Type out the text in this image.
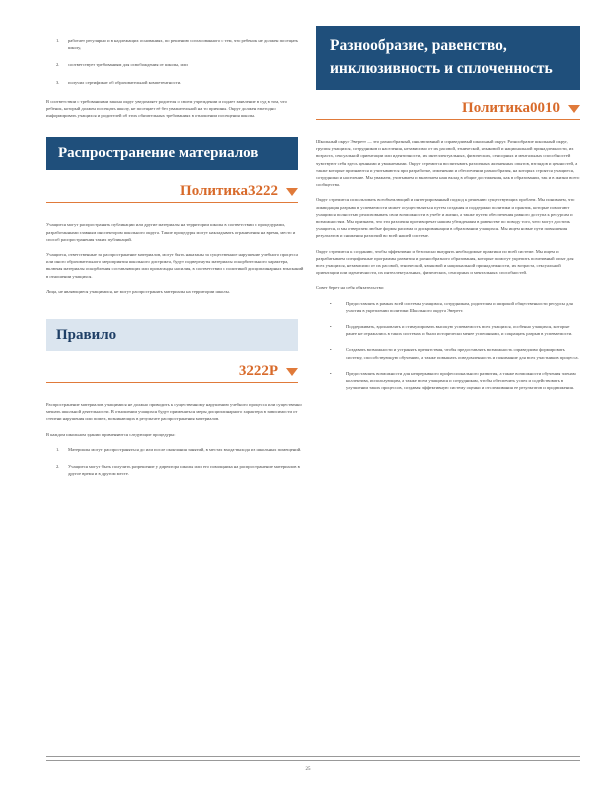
1. работает регулярно и в надлежащих основаниях, по решению согласованного с тем, что ребенок не должен посещать школу,
2. соответствует требованиям для освобождения от школы, или
3. получил сертификат об образовательной компетентности.

В соответствии с требованиями закона округ уведомляет родителя о своем учреждении и подает заявление в суд в том, что ребенок, который должен посещать школу, не посещает её без уважительной на то причины. Округ должен ежегодно информировать учащихся и родителей об этих обязательных требованиях в отношении посещения школы.

Распространение материалов
Политика3222

Учащиеся могут распространять публикации или другие материалы на территории школы в соответствии с процедурами, разработанными главным инспектором школьного округа. Такие процедуры могут накладывать ограничения на время, место и способ распространения таких публикаций.

Учащиеся, ответственные за распространение материалов, могут быть наказаны за существенное нарушение учебного процесса или иного образовательного мероприятия школьного дистрикта, будут подвергнуты материалы оскорбительного характера, включая материалы оскорбления составляющих или пропаганды насилия, в соответствии с политикой дисциплинарных взысканий в отношении учащихся.

Лица, не являющиеся учащимися, не могут распространять материалы на территории школы.

Правило
3222Р

Распространение материалов учащимися не должно приводить к существенному нарушению учебного процесса или существенно мешать школьной деятельности. В отношении учащихся будут применяться меры дисциплинарного характера в зависимости от степени нарушения или помех, возникающих в результате распространения материалов.

В каждом школьном здании применяются следующие процедуры:

1. Материалы могут распространяться до или после окончания занятий, в местах входа-выхода из школьных помещений.
2. Учащиеся могут быть получить разрешение у директора школы или его помощника на распространение материалов в другое время и в другом месте.
Разнообразие, равенство,
инклюзивность и сплоченность
Политика0010

Школьный округ Эверетт — это разнообразный, инклюзивный и справедливый школьный округ. Разнообразие школьный округ, группы учащихся, сотрудников и населения, независимо от их расовой, этнической, языковой и национальной принадлежности, их возраста, сексуальной ориентации или идентичности, их интеллектуальных, физических, сенсорных и ментальных способностей чувствуют себя здесь ценными и уважаемыми. Округ стремится воспитывать различных жизненных опытов, взглядов и ценностей, а также которые признаются и учитываются при разработке, изменении и обеспечении разнообразия, на которых строятся учащиеся, сотрудники и население. Мы уважаем, учитываем и включаем наш вклад в общие достижения, как в образовании, так и в жизни всего сообщества.

Округ стремится использовать всеобъемлющий и интегрированный подход к решению существующих проблем. Мы понимаем, что ликвидация разрыва в успеваемости может осуществляться путем создания и поддержки политики и практик, которые помогают учащимся полностью реализовывать свои возможности в учебе и жизни, а также путем обеспечения равного доступа к ресурсам и возможностям. Мы признаем, что эти различия противоречат нашим убеждениям в равенстве по поводу того, чего могут достичь учащиеся, и мы отвергаем любые формы расизма и дискриминации в образовании учащихся. Мы ищем новые пути повышения результатов и снижения различий во всей нашей системе.

Округ стремится к созданию, чтобы эффективно и безопасно внедрять необходимые практики по всей системе. Мы ищем и разрабатываем специфичные программы развития и разнообразного образования, которые помогут укрепить позитивный опыт для всех учащихся, независимо от их расовой, этнической, языковой и национальной принадлежности, их возраста, сексуальной ориентации или идентичности, их интеллектуальных, физических, сенсорных и ментальных способностей.

Совет берет на себя обязательство:

•	Предоставлять в рамках всей системы учащимся, сотрудникам, родителям и широкой общественности ресурсы для участия в укреплении политики Школьного округа Эверетт.
•	Поддерживать, вдохновлять и стимулировать высокую успеваемость всех учащихся, особенно учащихся, которые ранее не отражались в таких системах и были исторически менее успешными, и сокращать разрыв в успеваемости.
•	Создавать возможности и устранять препятствия, чтобы предоставлять возможность справедливо формировать систему, способствующую обучению, а также повышать осведомленность и понимание для всех участников процесса.
•	Предоставлять возможности для непрерывного профессионального развития, а также возможности обучения членам коллектива, использующим, а также всем учащимся и сотрудникам, чтобы обеспечить успех и содействовать в улучшении таких процессов, создавая эффективную систему оценки и отслеживания ее результатов и продвижения.
25
